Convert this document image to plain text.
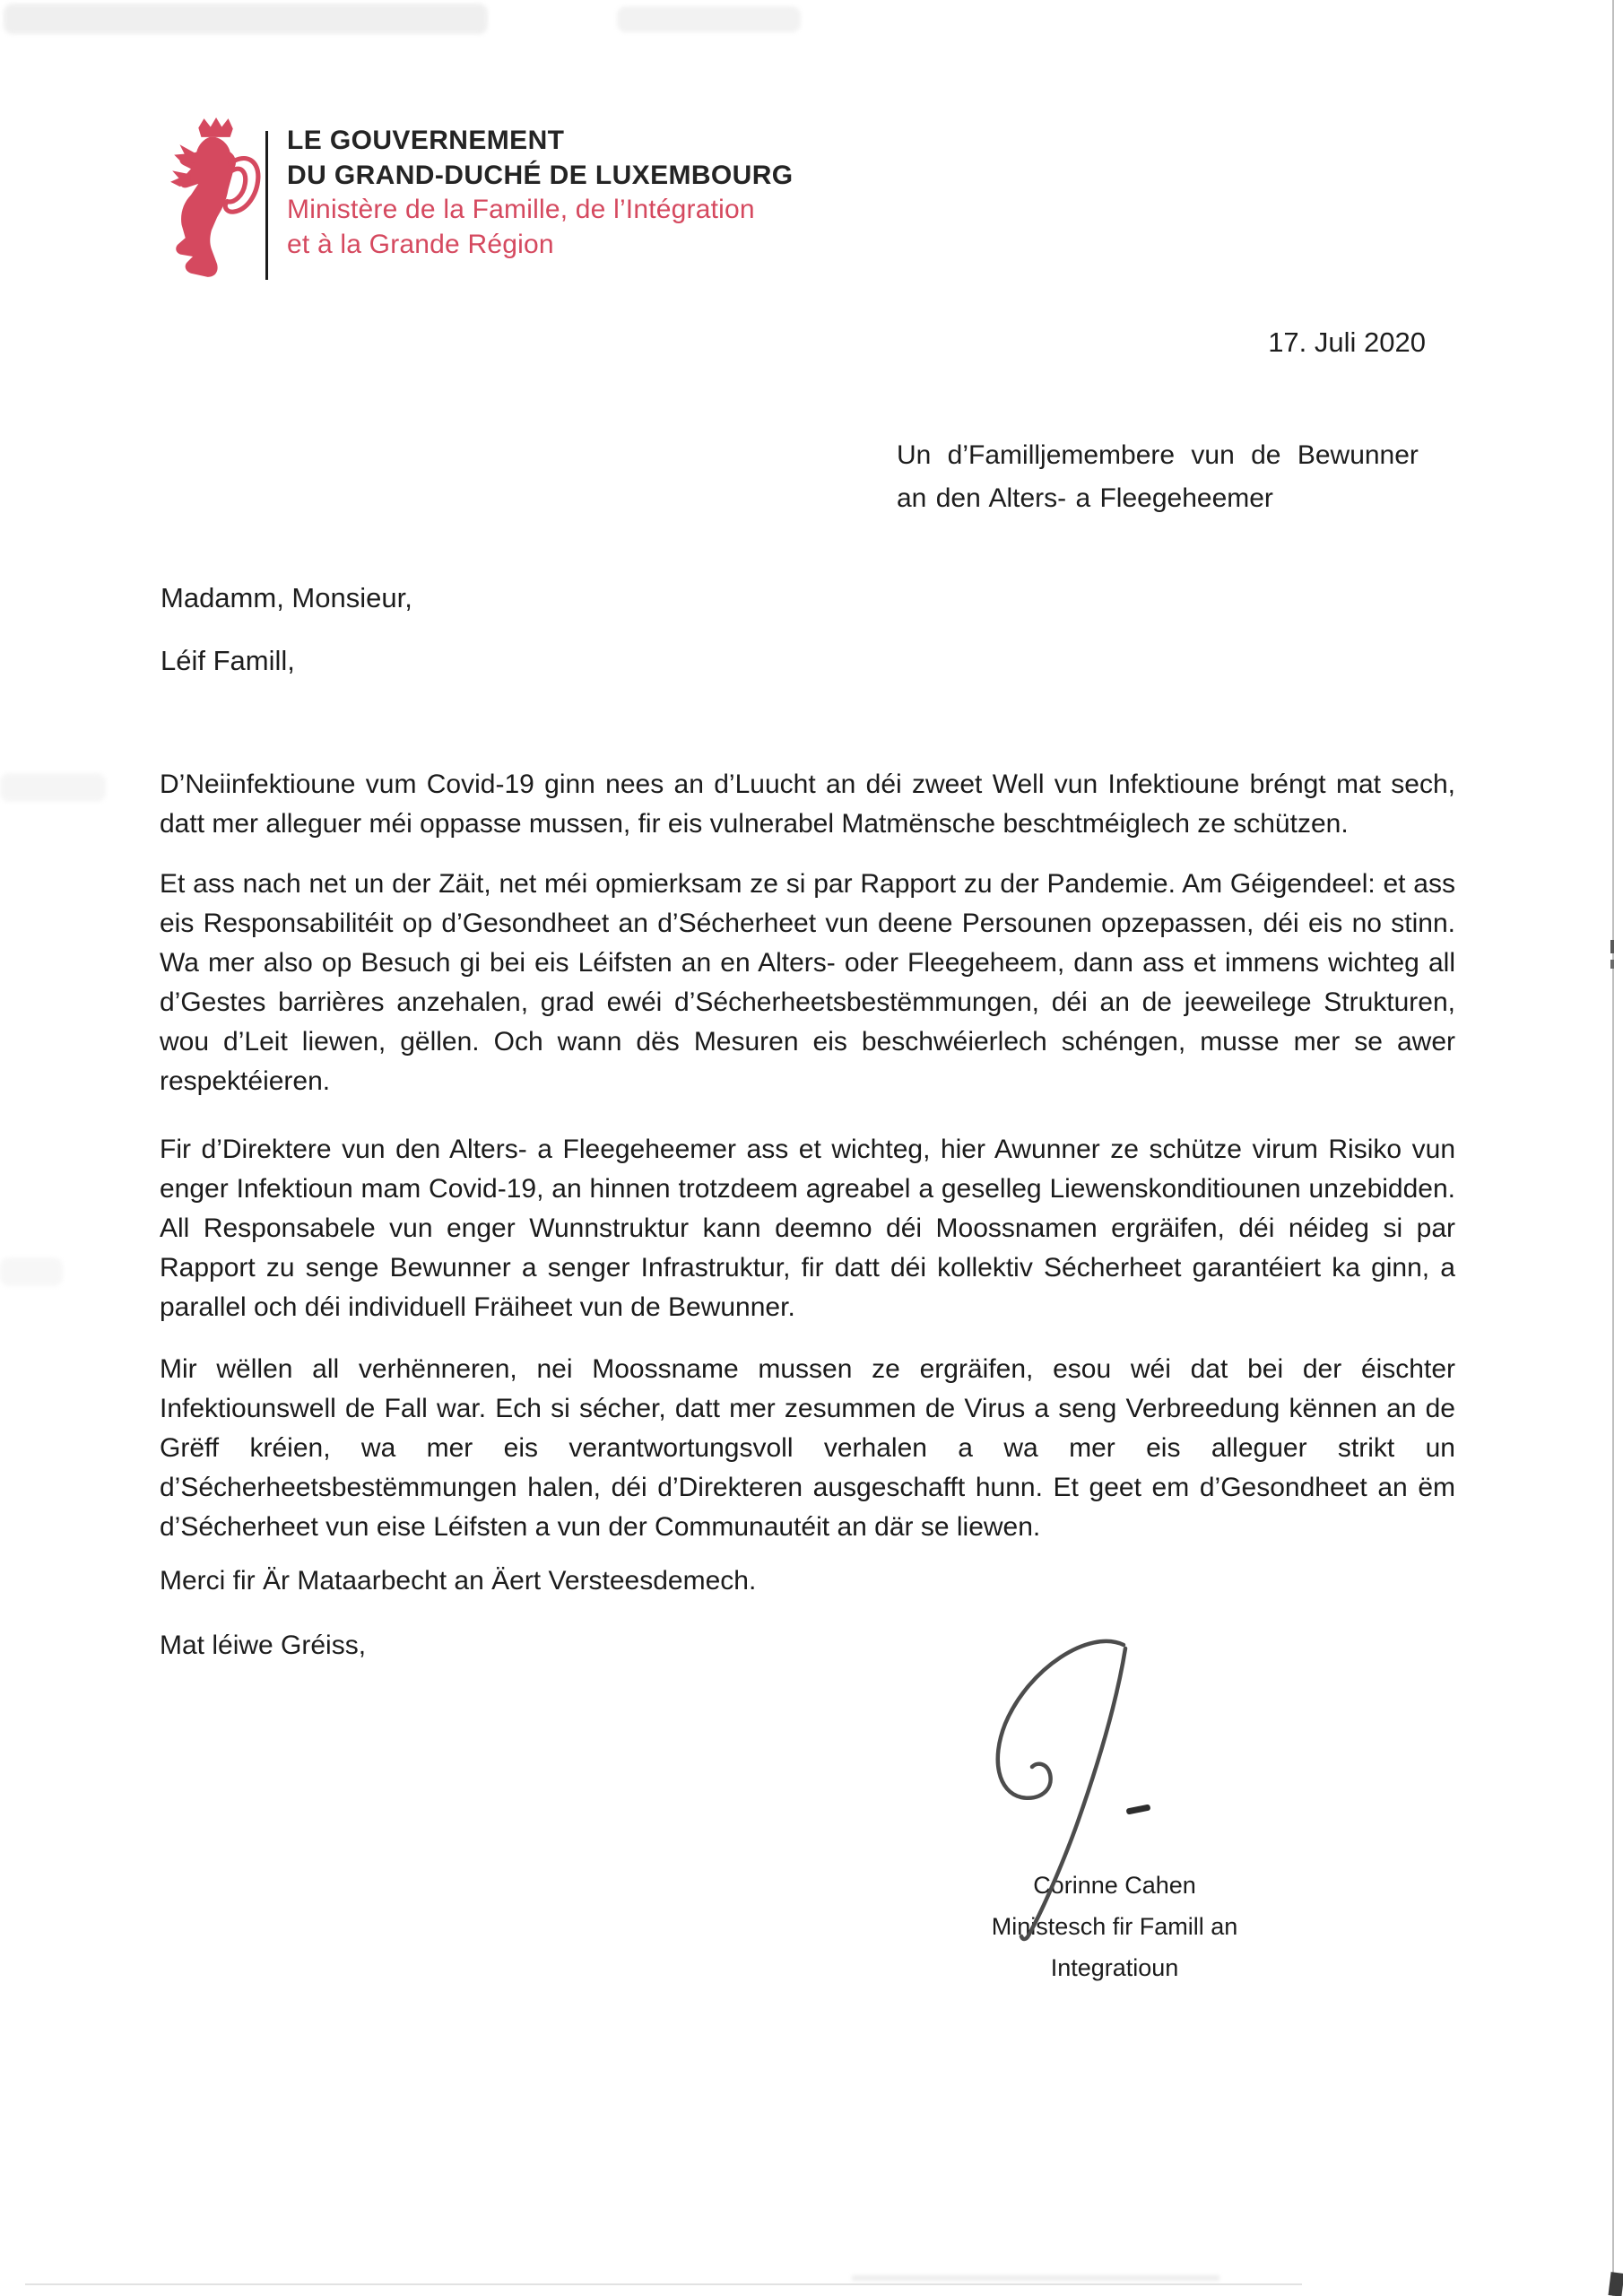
LE GOUVERNEMENT
DU GRAND-DUCHÉ DE LUXEMBOURG
Ministère de la Famille, de l’Intégration
et à la Grande Région
17. Juli 2020
Un d’Familljemembere vun de Bewunner
an den Alters- a Fleegeheemer
Madamm, Monsieur,
Léif Famill,
D’Neiinfektioune vum Covid-19 ginn nees an d’Luucht an déi zweet Well vun Infektioune bréngt mat sech, datt mer alleguer méi oppasse mussen, fir eis vulnerabel Matmënsche beschtméiglech ze schützen.
Et ass nach net un der Zäit, net méi opmierksam ze si par Rapport zu der Pandemie. Am Géigendeel: et ass eis Responsabilitéit op d’Gesondheet an d’Sécherheet vun deene Persounen opzepassen, déi eis no stinn. Wa mer also op Besuch gi bei eis Léifsten an en Alters- oder Fleegeheem, dann ass et immens wichteg all d’Gestes barrières anzehalen, grad ewéi d’Sécherheetsbestëmmungen, déi an de jeeweilege Strukturen, wou d’Leit liewen, gëllen. Och wann dës Mesuren eis beschwéierlech schéngen, musse mer se awer respektéieren.
Fir d’Direktere vun den Alters- a Fleegeheemer ass et wichteg, hier Awunner ze schütze virum Risiko vun enger Infektioun mam Covid-19, an hinnen trotzdeem agreabel a geselleg Liewenskonditiounen unzebidden. All Responsabele vun enger Wunnstruktur kann deemno déi Moossnamen ergräifen, déi néideg si par Rapport zu senge Bewunner a senger Infrastruktur, fir datt déi kollektiv Sécherheet garantéiert ka ginn, a parallel och déi individuell Fräiheet vun de Bewunner.
Mir wëllen all verhënneren, nei Moossname mussen ze ergräifen, esou wéi dat bei der éischter Infektiounswell de Fall war. Ech si sécher, datt mer zesummen de Virus a seng Verbreedung kënnen an de Grëff kréien, wa mer eis verantwortungsvoll verhalen a wa mer eis alleguer strikt un d’Sécherheetsbestëmmungen halen, déi d’Direkteren ausgeschafft hunn. Et geet em d’Gesondheet an ëm d’Sécherheet vun eise Léifsten a vun der Communautéit an där se liewen.
Merci fir Är Mataarbecht an Äert Versteesdemech.
Mat léiwe Gréiss,
Corinne Cahen
Ministesch fir Famill an Integratioun
